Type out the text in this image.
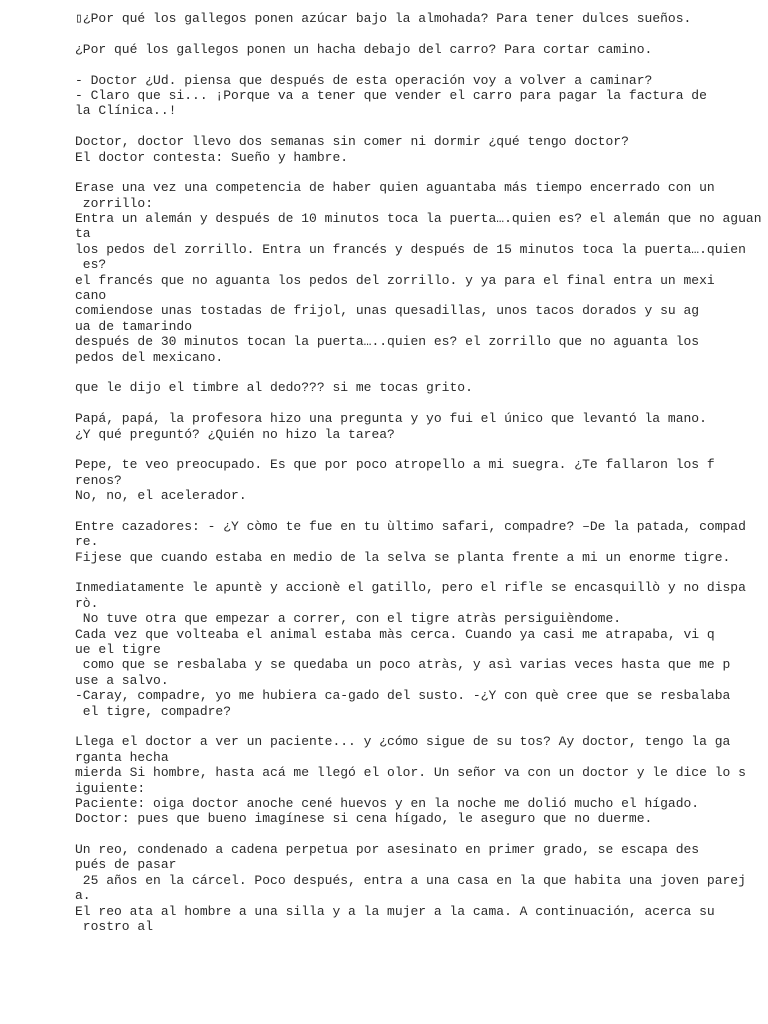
▯¿Por qué los gallegos ponen azúcar bajo la almohada? Para tener dulces sueños.
¿Por qué los gallegos ponen un hacha debajo del carro? Para cortar camino.
- Doctor ¿Ud. piensa que después de esta operación voy a volver a caminar?
- Claro que si... ¡Porque va a tener que vender el carro para pagar la factura de
la Clínica..!
Doctor, doctor llevo dos semanas sin comer ni dormir ¿qué tengo doctor?
El doctor contesta: Sueño y hambre.
Erase una vez una competencia de haber quien aguantaba más tiempo encerrado con un
zorrillo:
Entra un alemán y después de 10 minutos toca la puerta….quien es? el alemán que no aguan
ta
los pedos del zorrillo. Entra un francés y después de 15 minutos toca la puerta….quien
es?
el francés que no aguanta los pedos del zorrillo. y ya para el final entra un mexi
cano
comiendose unas tostadas de frijol, unas quesadillas, unos tacos dorados y su ag
ua de tamarindo
después de 30 minutos tocan la puerta…..quien es? el zorrillo que no aguanta los
pedos del mexicano.
que le dijo el timbre al dedo??? si me tocas grito.
Papá, papá, la profesora hizo una pregunta y yo fui el único que levantó la mano.
¿Y qué preguntó? ¿Quién no hizo la tarea?
Pepe, te veo preocupado. Es que por poco atropello a mi suegra. ¿Te fallaron los f
renos?
No, no, el acelerador.
Entre cazadores: - ¿Y còmo te fue en tu ùltimo safari, compadre? –De la patada, compad
re.
Fijese que cuando estaba en medio de la selva se planta frente a mi un enorme tigre.
Inmediatamente le apuntè y accionè el gatillo, pero el rifle se encasquillò y no dispa
rò.
No tuve otra que empezar a correr, con el tigre atràs persiguièndome.
Cada vez que volteaba el animal estaba màs cerca. Cuando ya casi me atrapaba, vi q
ue el tigre
como que se resbalaba y se quedaba un poco atràs, y asì varias veces hasta que me p
use a salvo.
-Caray, compadre, yo me hubiera ca-gado del susto. -¿Y con què cree que se resbalaba
el tigre, compadre?
Llega el doctor a ver un paciente... y ¿cómo sigue de su tos? Ay doctor, tengo la ga
rganta hecha
mierda Si hombre, hasta acá me llegó el olor. Un señor va con un doctor y le dice lo s
iguiente:
Paciente: oiga doctor anoche cené huevos y en la noche me dolió mucho el hígado.
Doctor: pues que bueno imagínese si cena hígado, le aseguro que no duerme.
Un reo, condenado a cadena perpetua por asesinato en primer grado, se escapa des
pués de pasar
25 años en la cárcel. Poco después, entra a una casa en la que habita una joven parej
a.
El reo ata al hombre a una silla y a la mujer a la cama. A continuación, acerca su
rostro al
